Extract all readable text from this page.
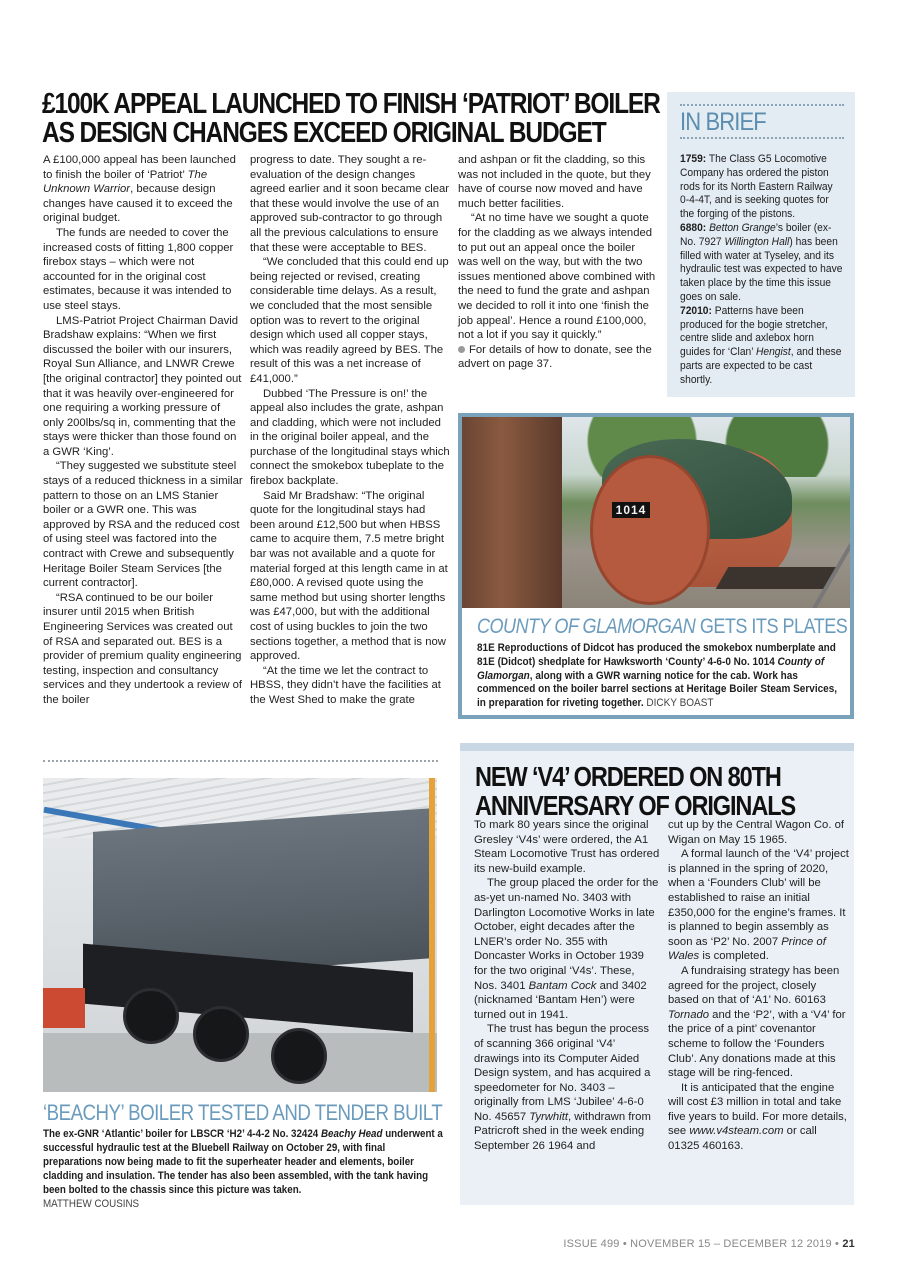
£100K APPEAL LAUNCHED TO FINISH ‘PATRIOT’ BOILER
AS DESIGN CHANGES EXCEED ORIGINAL BUDGET

A £100,000 appeal has been launched to finish the boiler of ‘Patriot’ The Unknown Warrior, because design changes have caused it to exceed the original budget.

The funds are needed to cover the increased costs of fitting 1,800 copper firebox stays – which were not accounted for in the original cost estimates, because it was intended to use steel stays.

LMS-Patriot Project Chairman David Bradshaw explains: “When we first discussed the boiler with our insurers, Royal Sun Alliance, and LNWR Crewe [the original contractor] they pointed out that it was heavily over-engineered for one requiring a working pressure of only 200lbs/sq in, commenting that the stays were thicker than those found on a GWR ‘King’.

“They suggested we substitute steel stays of a reduced thickness in a similar pattern to those on an LMS Stanier boiler or a GWR one. This was approved by RSA and the reduced cost of using steel was factored into the contract with Crewe and subsequently Heritage Boiler Steam Services [the current contractor].

“RSA continued to be our boiler insurer until 2015 when British Engineering Services was created out of RSA and separated out. BES is a provider of premium quality engineering testing, inspection and consultancy services and they undertook a review of the boiler

progress to date. They sought a re-evaluation of the design changes agreed earlier and it soon became clear that these would involve the use of an approved sub-contractor to go through all the previous calculations to ensure that these were acceptable to BES.

“We concluded that this could end up being rejected or revised, creating considerable time delays. As a result, we concluded that the most sensible option was to revert to the original design which used all copper stays, which was readily agreed by BES. The result of this was a net increase of £41,000.”

Dubbed ‘The Pressure is on!’ the appeal also includes the grate, ashpan and cladding, which were not included in the original boiler appeal, and the purchase of the longitudinal stays which connect the smokebox tubeplate to the firebox backplate.

Said Mr Bradshaw: “The original quote for the longitudinal stays had been around £12,500 but when HBSS came to acquire them, 7.5 metre bright bar was not available and a quote for material forged at this length came in at £80,000. A revised quote using the same method but using shorter lengths was £47,000, but with the additional cost of using buckles to join the two sections together, a method that is now approved.

“At the time we let the contract to HBSS, they didn’t have the facilities at the West Shed to make the grate

and ashpan or fit the cladding, so this was not included in the quote, but they have of course now moved and have much better facilities.

“At no time have we sought a quote for the cladding as we always intended to put out an appeal once the boiler was well on the way, but with the two issues mentioned above combined with the need to fund the grate and ashpan we decided to roll it into one ‘finish the job appeal’. Hence a round £100,000, not a lot if you say it quickly.”

For details of how to donate, see the advert on page 37.

IN BRIEF
1759: The Class G5 Locomotive Company has ordered the piston rods for its North Eastern Railway 0-4-4T, and is seeking quotes for the forging of the pistons.
6880: Betton Grange’s boiler (ex-No. 7927 Willington Hall) has been filled with water at Tyseley, and its hydraulic test was expected to have taken place by the time this issue goes on sale.
72010: Patterns have been produced for the bogie stretcher, centre slide and axlebox horn guides for ‘Clan’ Hengist, and these parts are expected to be cast shortly.
1014
COUNTY OF GLAMORGAN GETS ITS PLATES
81E Reproductions of Didcot has produced the smokebox numberplate and 81E (Didcot) shedplate for Hawksworth ‘County’ 4-6-0 No. 1014 County of Glamorgan, along with a GWR warning notice for the cab. Work has commenced on the boiler barrel sections at Heritage Boiler Steam Services, in preparation for riveting together. DICKY BOAST
‘BEACHY’ BOILER TESTED AND TENDER BUILT
The ex-GNR ‘Atlantic’ boiler for LBSCR ‘H2’ 4-4-2 No. 32424 Beachy Head underwent a successful hydraulic test at the Bluebell Railway on October 29, with final preparations now being made to fit the superheater header and elements, boiler cladding and insulation. The tender has also been assembled, with the tank having been bolted to the chassis since this picture was taken.
MATTHEW COUSINS
NEW ‘V4’ ORDERED ON 80TH
ANNIVERSARY OF ORIGINALS

To mark 80 years since the original Gresley ‘V4s’ were ordered, the A1 Steam Locomotive Trust has ordered its new-build example.

The group placed the order for the as-yet un-named No. 3403 with Darlington Locomotive Works in late October, eight decades after the LNER’s order No. 355 with Doncaster Works in October 1939 for the two original ‘V4s’. These, Nos. 3401 Bantam Cock and 3402 (nicknamed ‘Bantam Hen’) were turned out in 1941.

The trust has begun the process of scanning 366 original ‘V4’ drawings into its Computer Aided Design system, and has acquired a speedometer for No. 3403 – originally from LMS ‘Jubilee’ 4-6-0 No. 45657 Tyrwhitt, withdrawn from Patricroft shed in the week ending September 26 1964 and

cut up by the Central Wagon Co. of Wigan on May 15 1965.

A formal launch of the ‘V4’ project is planned in the spring of 2020, when a ‘Founders Club’ will be established to raise an initial £350,000 for the engine’s frames. It is planned to begin assembly as soon as ‘P2’ No. 2007 Prince of Wales is completed.

A fundraising strategy has been agreed for the project, closely based on that of ‘A1’ No. 60163 Tornado and the ‘P2’, with a ‘V4’ for the price of a pint’ covenantor scheme to follow the ‘Founders Club’. Any donations made at this stage will be ring-fenced.

It is anticipated that the engine will cost £3 million in total and take five years to build. For more details, see www.v4steam.com or call 01325 460163.

ISSUE 499 • NOVEMBER 15 – DECEMBER 12 2019 • 21
